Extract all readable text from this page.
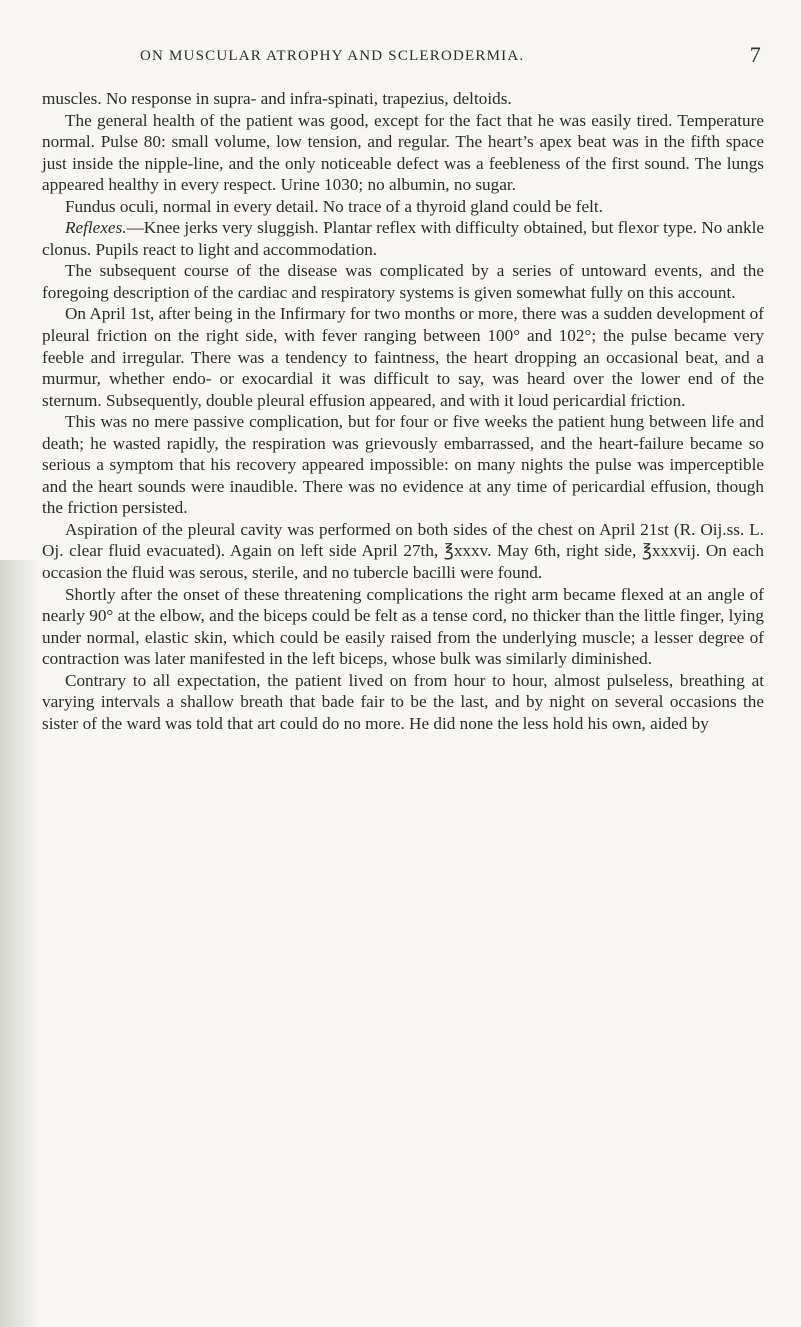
ON MUSCULAR ATROPHY AND SCLERODERMIA.	7

muscles. No response in supra- and infra-spinati, trapezius, deltoids.

The general health of the patient was good, except for the fact that he was easily tired. Temperature normal. Pulse 80: small volume, low tension, and regular. The heart’s apex beat was in the fifth space just inside the nipple-line, and the only noticeable defect was a feebleness of the first sound. The lungs appeared healthy in every respect. Urine 1030; no albumin, no sugar.

Fundus oculi, normal in every detail. No trace of a thyroid gland could be felt.

Reflexes.—Knee jerks very sluggish. Plantar reflex with difficulty obtained, but flexor type. No ankle clonus. Pupils react to light and accommodation.

The subsequent course of the disease was complicated by a series of untoward events, and the foregoing description of the cardiac and respiratory systems is given somewhat fully on this account.

On April 1st, after being in the Infirmary for two months or more, there was a sudden development of pleural friction on the right side, with fever ranging between 100° and 102°; the pulse became very feeble and irregular. There was a tendency to faintness, the heart dropping an occasional beat, and a murmur, whether endo- or exocardial it was difficult to say, was heard over the lower end of the sternum. Subsequently, double pleural effusion appeared, and with it loud pericardial friction.

This was no mere passive complication, but for four or five weeks the patient hung between life and death; he wasted rapidly, the respiration was grievously embarrassed, and the heart-failure became so serious a symptom that his recovery appeared impossible: on many nights the pulse was imperceptible and the heart sounds were inaudible. There was no evidence at any time of pericardial effusion, though the friction persisted.

Aspiration of the pleural cavity was performed on both sides of the chest on April 21st (R. Oij.ss. L. Oj. clear fluid evacuated). Again on left side April 27th, ℥xxxv. May 6th, right side, ℥xxxvij. On each occasion the fluid was serous, sterile, and no tubercle bacilli were found.

Shortly after the onset of these threatening complications the right arm became flexed at an angle of nearly 90° at the elbow, and the biceps could be felt as a tense cord, no thicker than the little finger, lying under normal, elastic skin, which could be easily raised from the underlying muscle; a lesser degree of contraction was later manifested in the left biceps, whose bulk was similarly diminished.

Contrary to all expectation, the patient lived on from hour to hour, almost pulseless, breathing at varying intervals a shallow breath that bade fair to be the last, and by night on several occasions the sister of the ward was told that art could do no more. He did none the less hold his own, aided by
